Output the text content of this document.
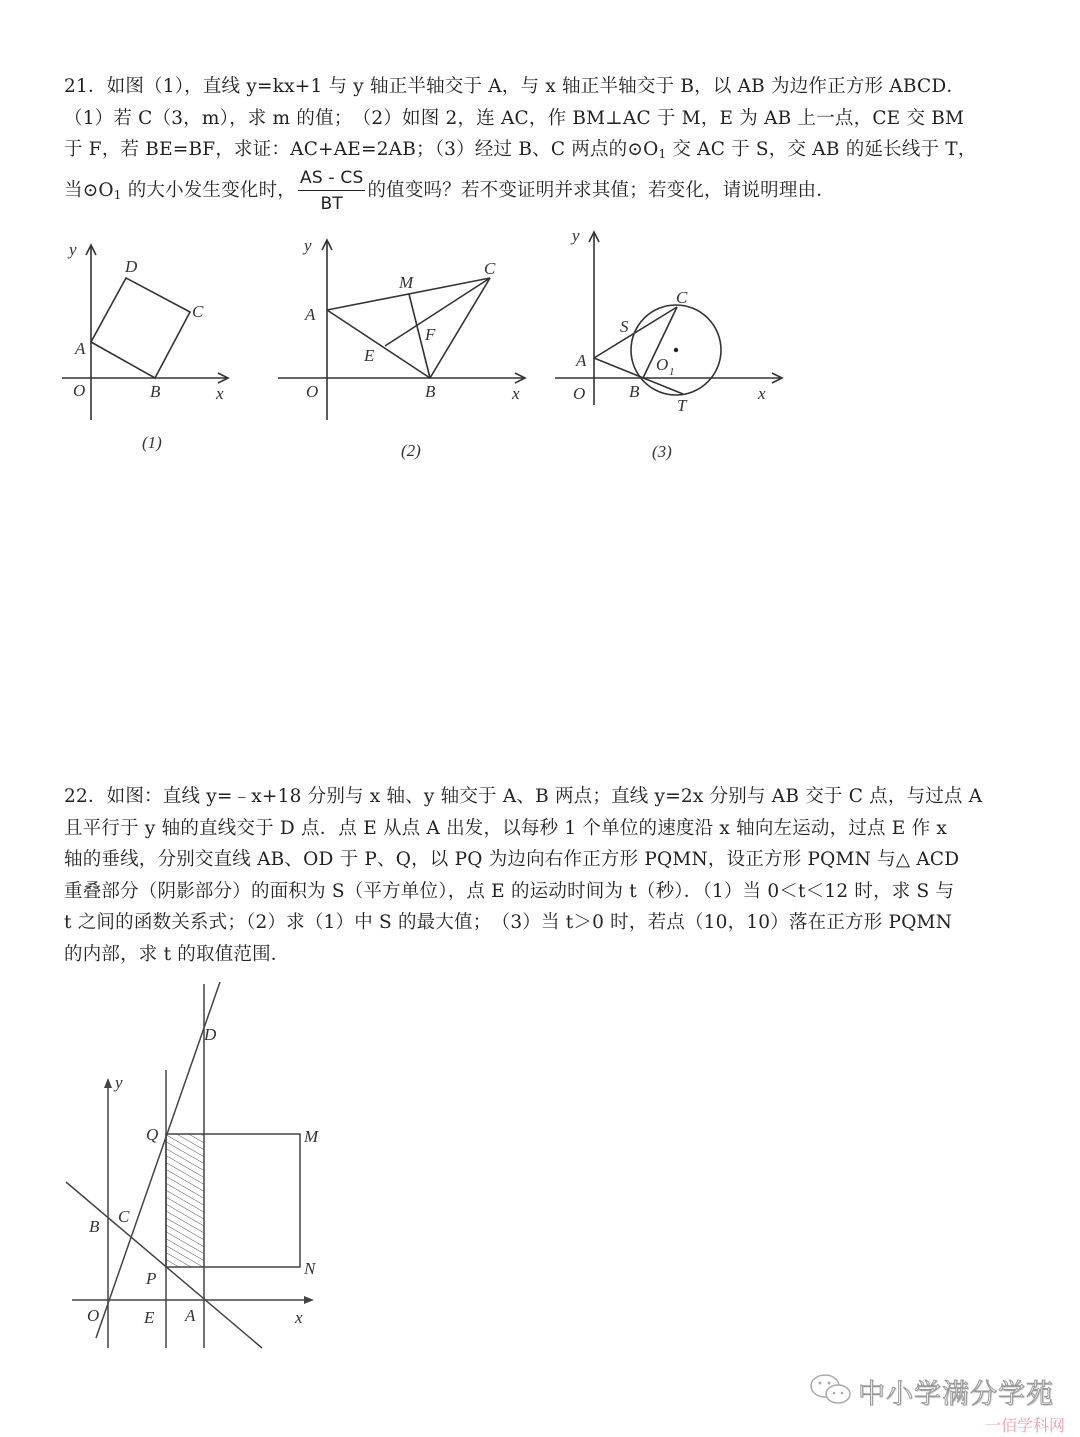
21．如图（1），直线 y=kx+1 与 y 轴正半轴交于 A，与 x 轴正半轴交于 B，以 AB 为边作正方形 ABCD．
（1）若 C（3，m），求 m 的值；　（2）如图 2，连 AC，作 BM⊥AC 于 M，E 为 AB 上一点，CE 交 BM
于 F，若 BE=BF，求证：AC+AE=2AB；（3）经过 B、C 两点的$⊙O_1$ 交 AC 于 S，交 AB 的延长线于 T，
当$⊙O_1$ 的大小发生变化时， $\frac{AS - CS}{BT}$ 的值变吗？若不变证明并求其值；若变化，请说明理由．
y
D
C
A
O	B	x
(1)
y
M
C
A
F
E
O	B	x
(2)
y
C
S
A	O 1
O	B
T
x
(3)
22．如图：直线 y=﹣x+18 分别与 x 轴、y 轴交于 A、B 两点；直线 y=2x 分别与 AB 交于 C 点，与过点 A
且平行于 y 轴的直线交于 D 点．点 E 从点 A 出发，以每秒 1 个单位的速度沿 x 轴向左运动，过点 E 作 x
轴的垂线，分别交直线 AB、OD 于 P、Q，以 PQ 为边向右作正方形 PQMN，设正方形 PQMN 与△ ACD
重叠部分（阴影部分）的面积为 S（平方单位），点 E 的运动时间为 t（秒）．（1）当 0＜t＜12 时，求 S 与
t 之间的函数关系式；（2）求（1）中 S 的最大值；　（3）当 t＞0 时，若点（10，10）落在正方形 PQMN
的内部，求 t 的取值范围．
y
D
Q	M
C
B
N
P
O	E A	x
中小学满分学苑
一佰学科网
